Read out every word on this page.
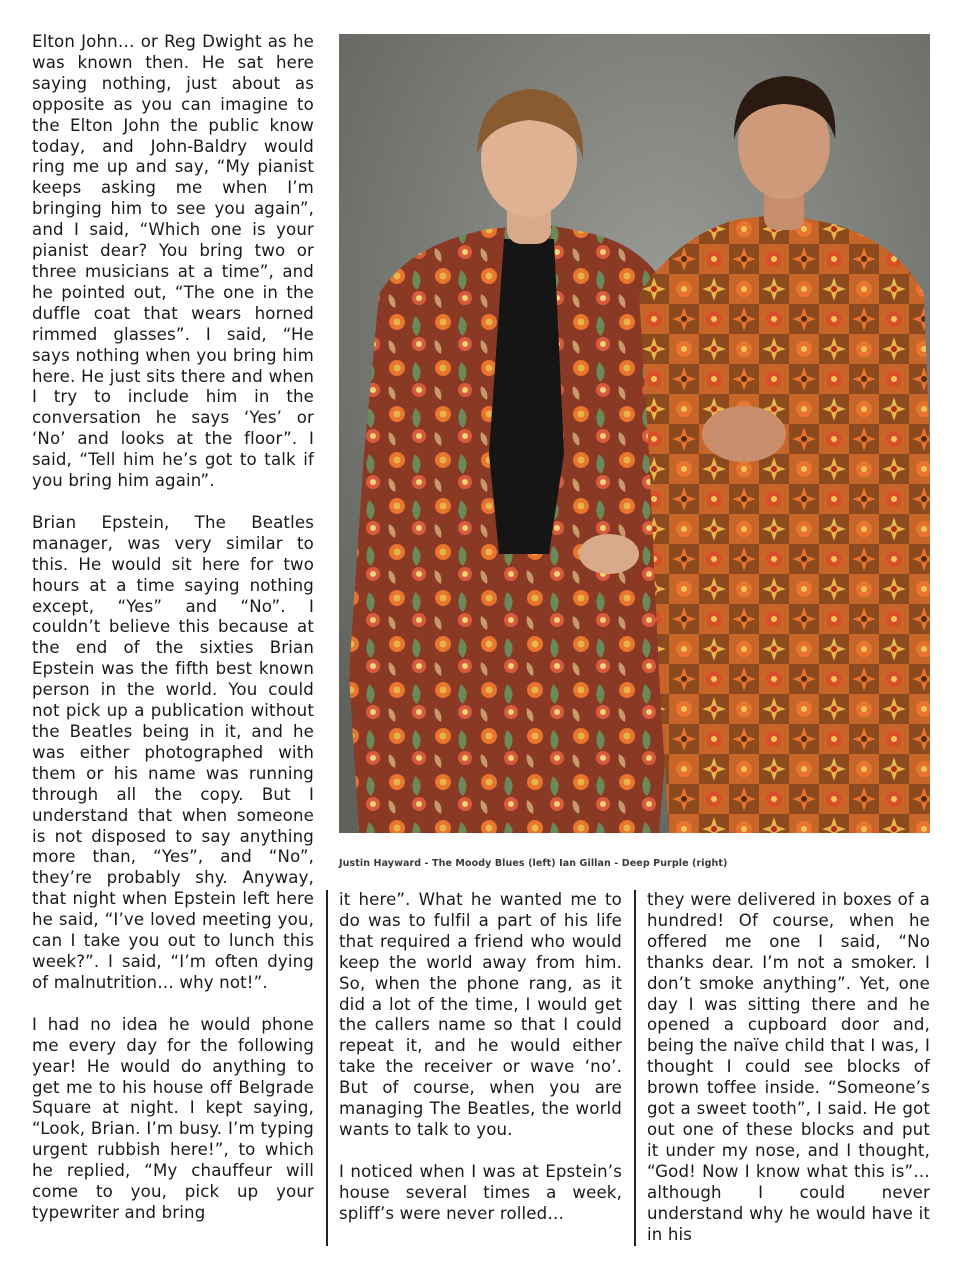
Elton John… or Reg Dwight as he was known then. He sat here saying nothing, just about as opposite as you can imagine to the Elton John the public know today, and John-Baldry would ring me up and say, “My pianist keeps asking me when I’m bringing him to see you again”, and I said, “Which one is your pianist dear? You bring two or three musicians at a time”, and he pointed out, “The one in the duffle coat that wears horned rimmed glasses”. I said, “He says nothing when you bring him here. He just sits there and when I try to include him in the conversation he says ‘Yes’ or ‘No’ and looks at the floor”. I said, “Tell him he’s got to talk if you bring him again”.

Brian Epstein, The Beatles manager, was very similar to this. He would sit here for two hours at a time saying nothing except, “Yes” and “No”. I couldn’t believe this because at the end of the sixties Brian Epstein was the fifth best known person in the world. You could not pick up a publication without the Beatles being in it, and he was either photographed with them or his name was running through all the copy. But I understand that when someone is not disposed to say anything more than, “Yes”, and “No”, they’re probably shy. Anyway, that night when Epstein left here he said, “I’ve loved meeting you, can I take you out to lunch this week?”. I said, “I’m often dying of malnutrition… why not!”.

I had no idea he would phone me every day for the following year! He would do anything to get me to his house off Belgrade Square at night. I kept saying, “Look, Brian. I’m busy. I’m typing urgent rubbish here!”, to which he replied, “My chauffeur will come to you, pick up your typewriter and bring

Justin Hayward - The Moody Blues (left) Ian Gillan - Deep Purple (right)

it here”. What he wanted me to do was to fulfil a part of his life that required a friend who would keep the world away from him. So, when the phone rang, as it did a lot of the time, I would get the callers name so that I could repeat it, and he would either take the receiver or wave ‘no’. But of course, when you are managing The Beatles, the world wants to talk to you.

I noticed when I was at Epstein’s house several times a week, spliff’s were never rolled…

they were delivered in boxes of a hundred! Of course, when he offered me one I said, “No thanks dear. I’m not a smoker. I don’t smoke anything”. Yet, one day I was sitting there and he opened a cupboard door and, being the naïve child that I was, I thought I could see blocks of brown toffee inside. “Someone’s got a sweet tooth”, I said. He got out one of these blocks and put it under my nose, and I thought, “God! Now I know what this is”… although I could never understand why he would have it in his
